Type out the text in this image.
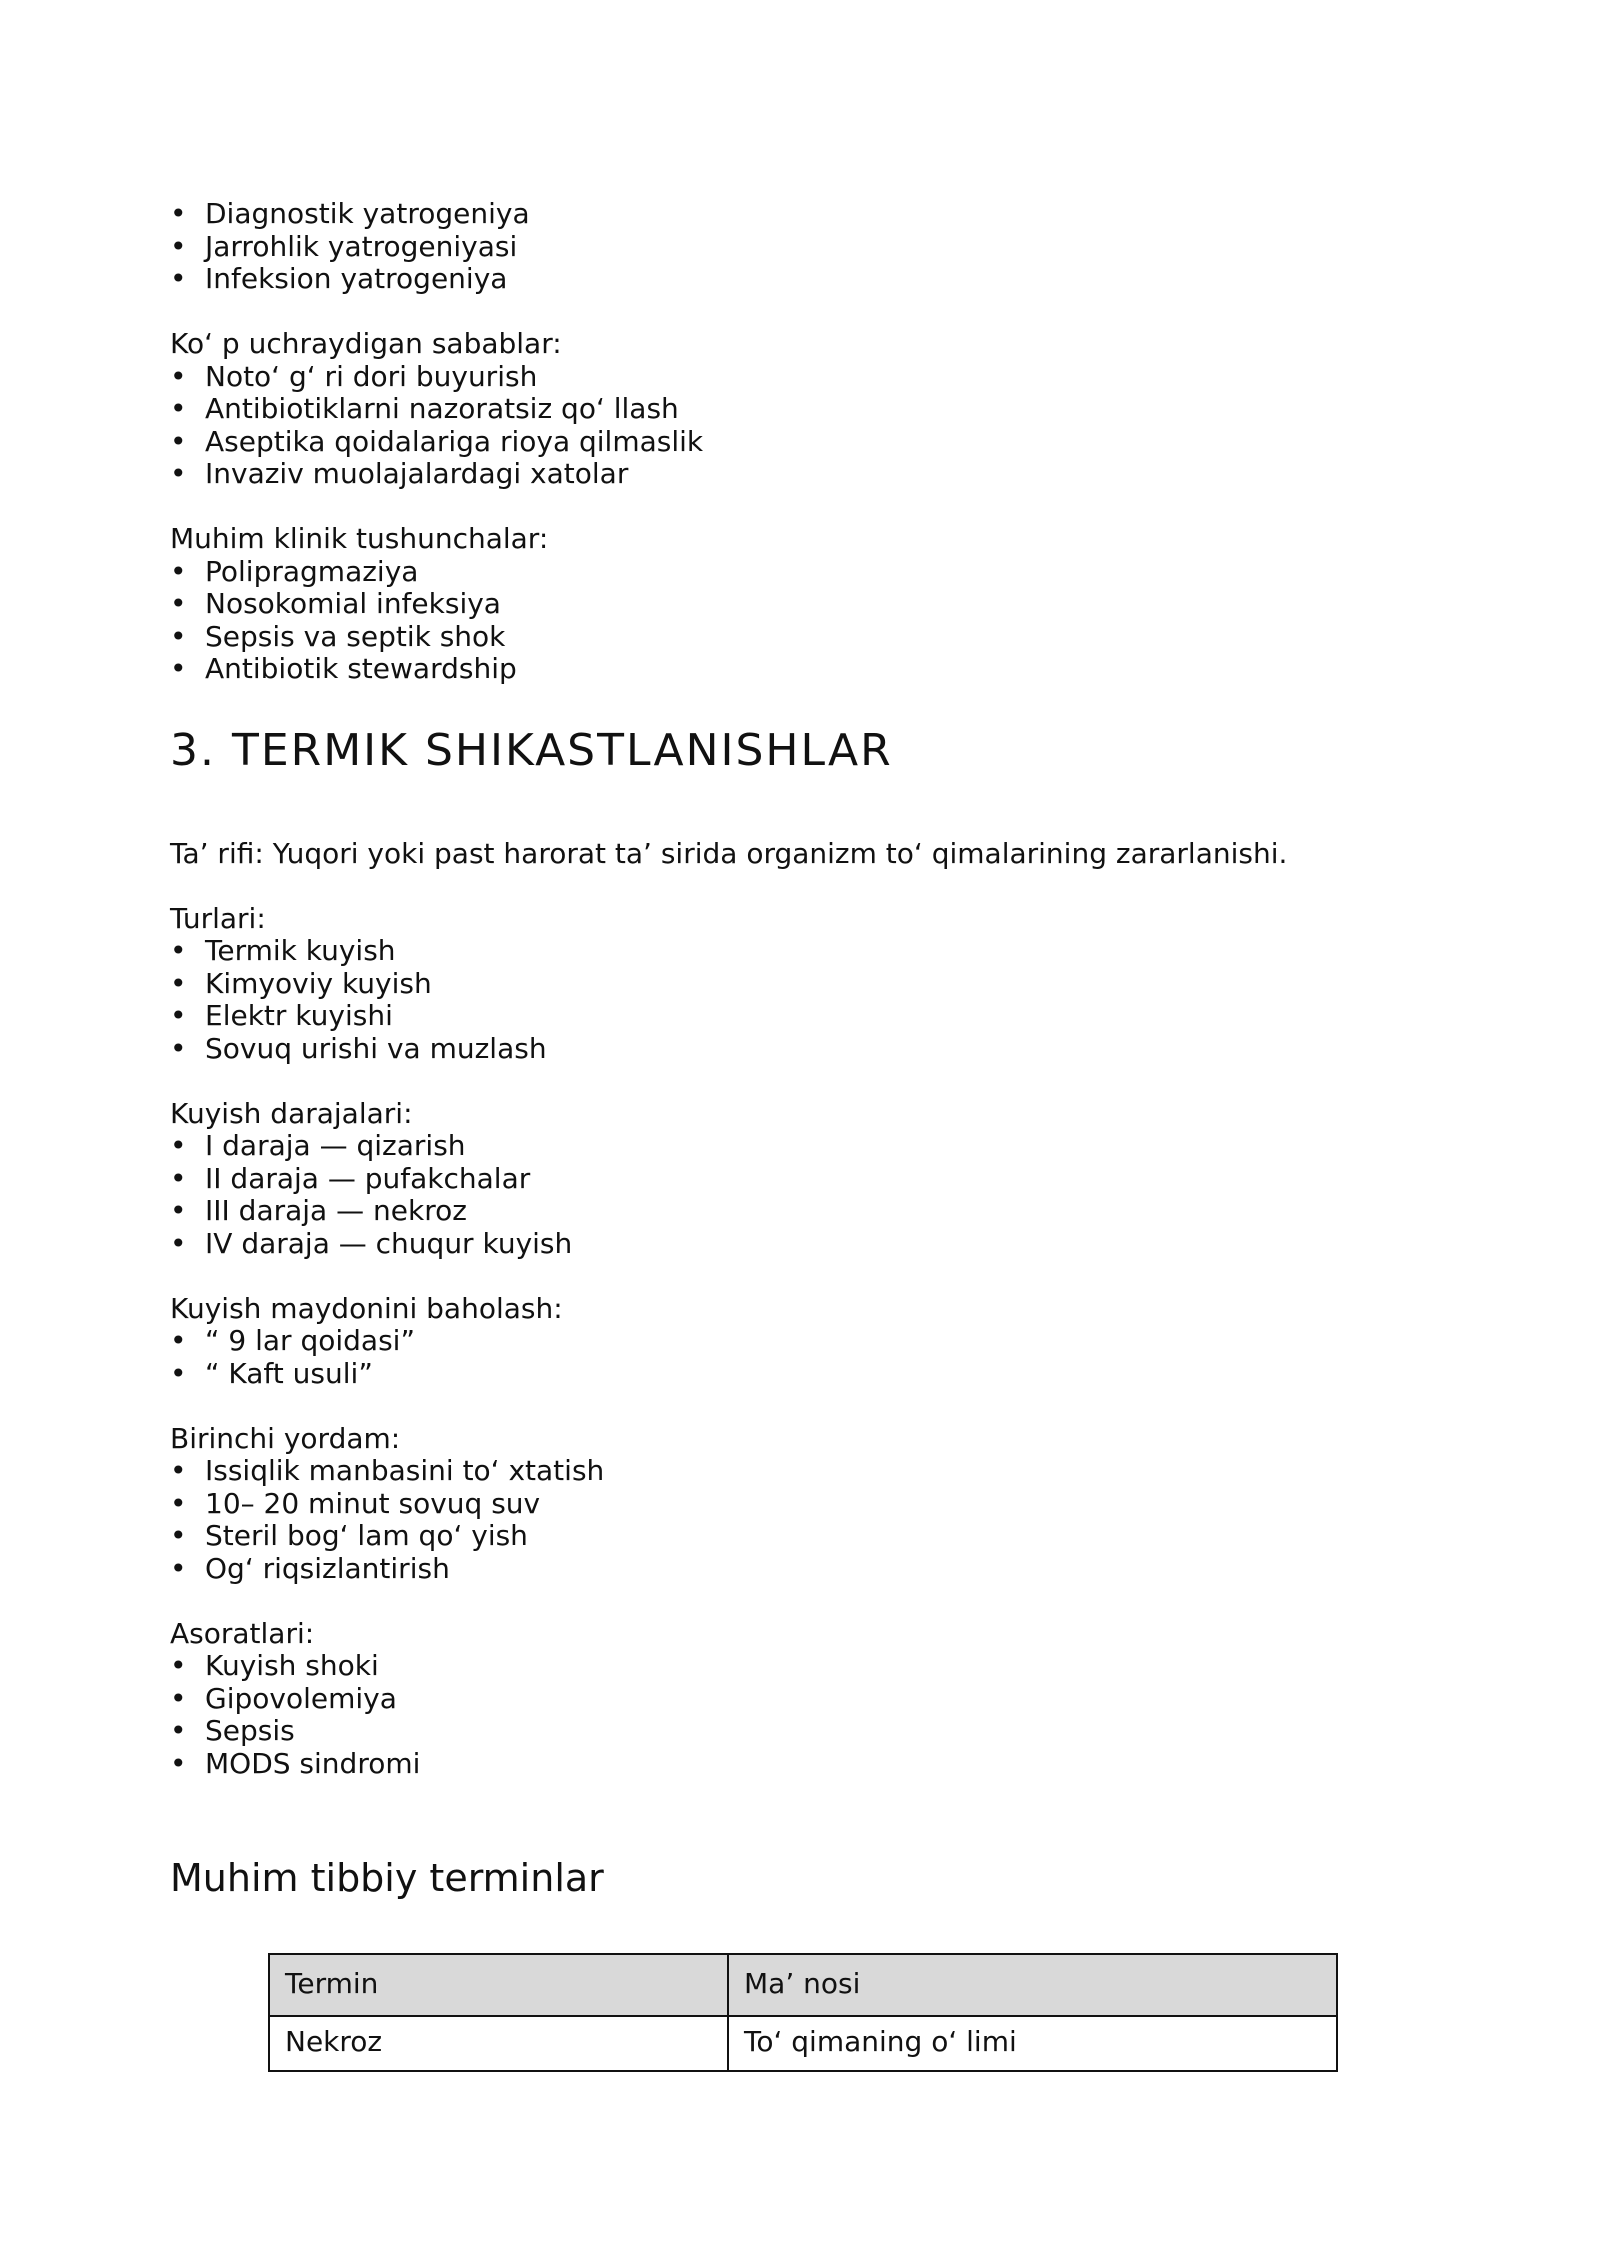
• Diagnostik yatrogeniya
• Jarrohlik yatrogeniyasi
• Infeksion yatrogeniya

Ko‘ p uchraydigan sabablar:

• Noto‘ g‘ ri dori buyurish
• Antibiotiklarni nazoratsiz qo‘ llash
• Aseptika qoidalariga rioya qilmaslik
• Invaziv muolajalardagi xatolar

Muhim klinik tushunchalar:

• Polipragmaziya
• Nosokomial infeksiya
• Sepsis va septik shok
• Antibiotik stewardship
3. TERMIK SHIKASTLANISHLAR

Ta’ rifi: Yuqori yoki past harorat ta’ sirida organizm to‘ qimalarining zararlanishi.

Turlari:

• Termik kuyish
• Kimyoviy kuyish
• Elektr kuyishi
• Sovuq urishi va muzlash

Kuyish darajalari:

• I daraja — qizarish
• II daraja — pufakchalar
• III daraja — nekroz
• IV daraja — chuqur kuyish

Kuyish maydonini baholash:

• “ 9 lar qoidasi”
• “ Kaft usuli”

Birinchi yordam:

• Issiqlik manbasini to‘ xtatish
• 10– 20 minut sovuq suv
• Steril bog‘ lam qo‘ yish
• Og‘ riqsizlantirish

Asoratlari:

• Kuyish shoki
• Gipovolemiya
• Sepsis
• MODS sindromi
Muhim tibbiy terminlar
Termin	Ma’ nosi
Nekroz	To‘ qimaning o‘ limi
